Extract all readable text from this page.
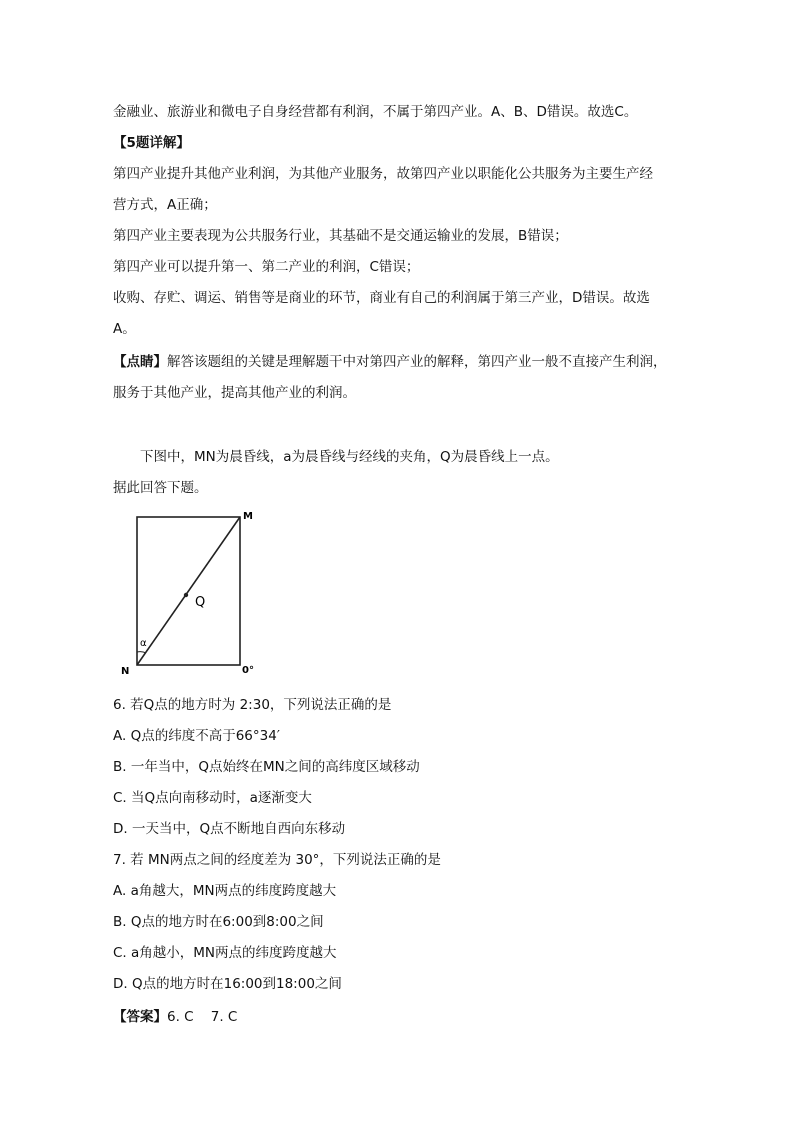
金融业、旅游业和微电子自身经营都有利润，不属于第四产业。A、B、D错误。故选C。
【5题详解】
第四产业提升其他产业利润，为其他产业服务，故第四产业以职能化公共服务为主要生产经
营方式，A正确；
第四产业主要表现为公共服务行业，其基础不是交通运输业的发展，B错误；
第四产业可以提升第一、第二产业的利润，C错误；
收购、存贮、调运、销售等是商业的环节，商业有自己的利润属于第三产业，D错误。故选
A。
【点睛】解答该题组的关键是理解题干中对第四产业的解释，第四产业一般不直接产生利润，
服务于其他产业，提高其他产业的利润。
下图中，MN为晨昏线，a为晨昏线与经线的夹角，Q为晨昏线上一点。
据此回答下题。
M
N
Q
α
0°
6. 若Q点的地方时为 2:30，下列说法正确的是
A. Q点的纬度不高于66°34′
B. 一年当中，Q点始终在MN之间的高纬度区域移动
C. 当Q点向南移动时，a逐渐变大
D. 一天当中，Q点不断地自西向东移动
7. 若 MN两点之间的经度差为 30°，下列说法正确的是
A. a角越大，MN两点的纬度跨度越大
B. Q点的地方时在6:00到8:00之间
C. a角越小，MN两点的纬度跨度越大
D. Q点的地方时在16:00到18:00之间
【答案】6. C    7. C
